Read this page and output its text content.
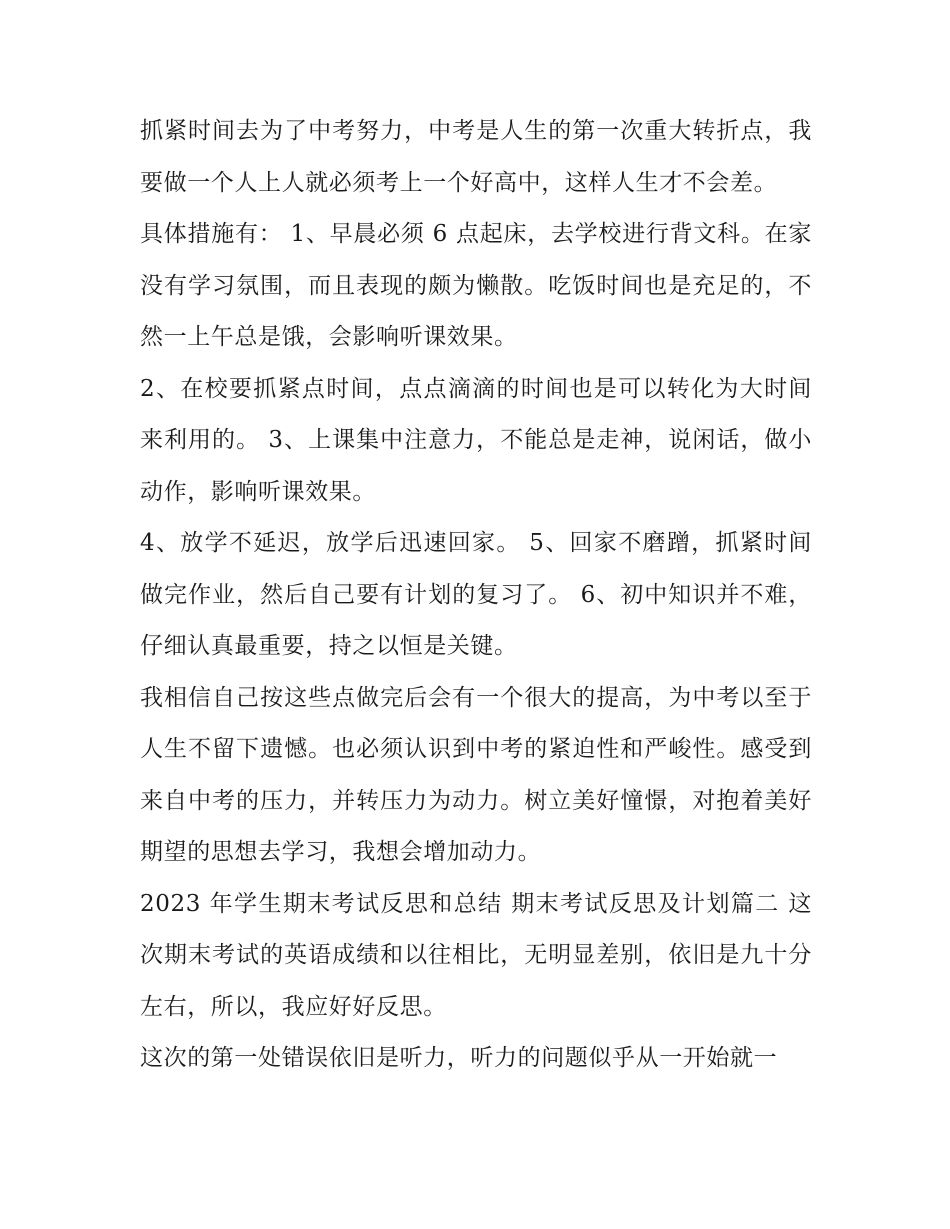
抓紧时间去为了中考努力，中考是人生的第一次重大转折点，我要做一个人上人就必须考上一个好高中，这样人生才不会差。

具体措施有： 1、早晨必须 6 点起床，去学校进行背文科。在家没有学习氛围，而且表现的颇为懒散。吃饭时间也是充足的，不然一上午总是饿，会影响听课效果。

2、在校要抓紧点时间，点点滴滴的时间也是可以转化为大时间来利用的。 3、上课集中注意力，不能总是走神，说闲话，做小动作，影响听课效果。

4、放学不延迟，放学后迅速回家。 5、回家不磨蹭，抓紧时间做完作业，然后自己要有计划的复习了。 6、初中知识并不难，仔细认真最重要，持之以恒是关键。

我相信自己按这些点做完后会有一个很大的提高，为中考以至于人生不留下遗憾。也必须认识到中考的紧迫性和严峻性。感受到来自中考的压力，并转压力为动力。树立美好憧憬，对抱着美好期望的思想去学习，我想会增加动力。

2023 年学生期末考试反思和总结 期末考试反思及计划篇二 这次期末考试的英语成绩和以往相比，无明显差别，依旧是九十分左右，所以，我应好好反思。

这次的第一处错误依旧是听力，听力的问题似乎从一开始就一
